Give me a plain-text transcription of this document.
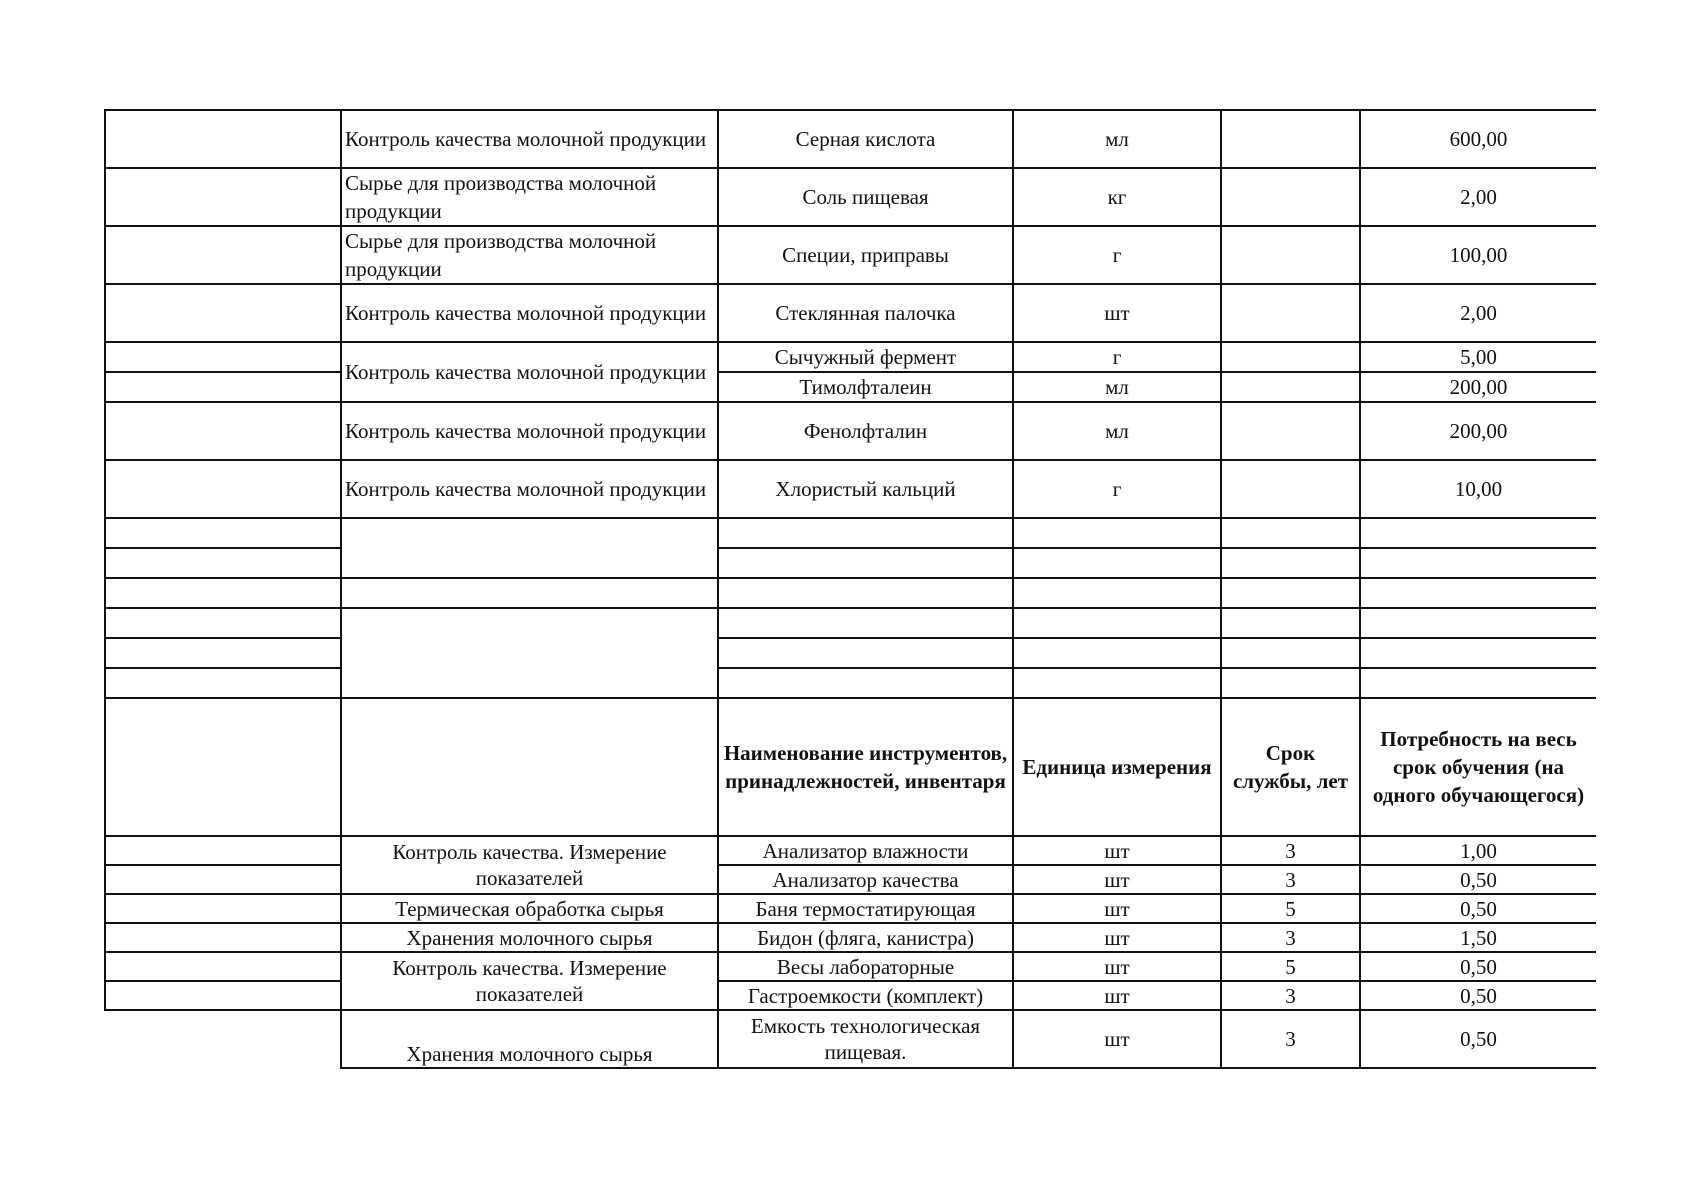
	Контроль качества молочной продукции	Серная кислота	мл		600,00
	Сырье для производства молочной продукции	Соль пищевая	кг		2,00
	Сырье для производства молочной продукции	Специи, приправы	г		100,00
	Контроль качества молочной продукции	Стеклянная палочка	шт		2,00
	Контроль качества молочной продукции	Сычужный фермент	г		5,00
		Тимолфталеин	мл		200,00
	Контроль качества молочной продукции	Фенолфталин	мл		200,00
	Контроль качества молочной продукции	Хлористый кальций	г		10,00

		Наименование инструментов, принадлежностей, инвентаря	Единица измерения	Срок службы, лет	Потребность на весь срок обучения (на одного обучающегося)
	Контроль качества. Измерение показателей	Анализатор влажности	шт	3	1,00
		Анализатор качества	шт	3	0,50
	Термическая обработка сырья	Баня термостатирующая	шт	5	0,50
	Хранения молочного сырья	Бидон (фляга, канистра)	шт	3	1,50
	Контроль качества. Измерение показателей	Весы лабораторные	шт	5	0,50
		Гастроемкости (комплект)	шт	3	0,50
	Хранения молочного сырья	Емкость технологическая пищевая.	шт	3	0,50
